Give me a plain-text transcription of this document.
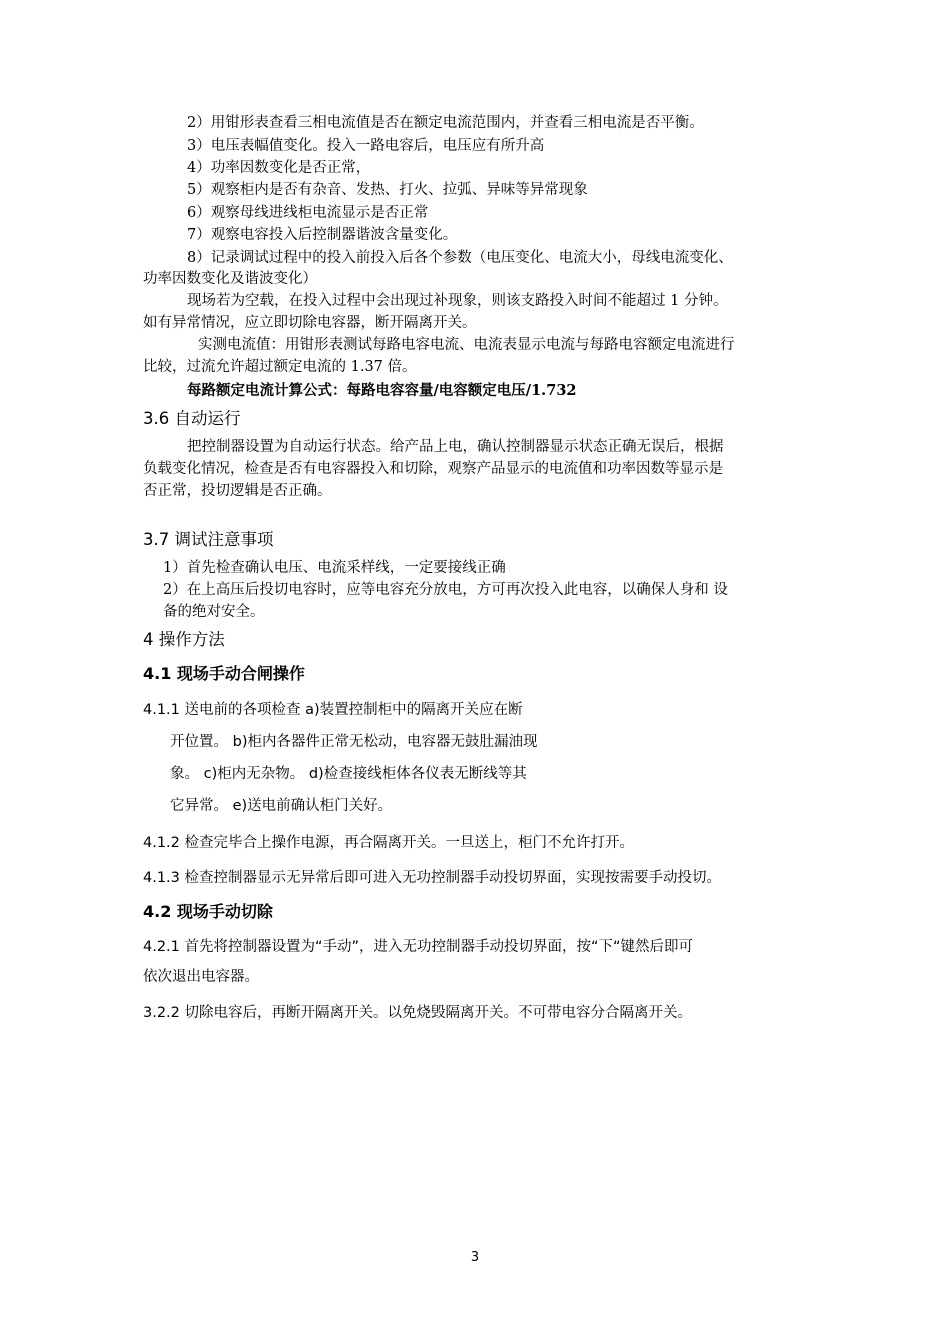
2）用钳形表查看三相电流值是否在额定电流范围内，并查看三相电流是否平衡。
3）电压表幅值变化。投入一路电容后，电压应有所升高
4）功率因数变化是否正常，
5）观察柜内是否有杂音、发热、打火、拉弧、异味等异常现象
6）观察母线进线柜电流显示是否正常
7）观察电容投入后控制器谐波含量变化。
8）记录调试过程中的投入前投入后各个参数（电压变化、电流大小，母线电流变化、
功率因数变化及谐波变化）
现场若为空载，在投入过程中会出现过补现象，则该支路投入时间不能超过 1 分钟。
如有异常情况，应立即切除电容器，断开隔离开关。
实测电流值：用钳形表测试每路电容电流、电流表显示电流与每路电容额定电流进行
比较，过流允许超过额定电流的 1.37 倍。
每路额定电流计算公式：每路电容容量/电容额定电压/1.732
3.6 自动运行
把控制器设置为自动运行状态。给产品上电，确认控制器显示状态正确无误后，根据
负载变化情况，检查是否有电容器投入和切除，观察产品显示的电流值和功率因数等显示是
否正常，投切逻辑是否正确。
3.7 调试注意事项
1）首先检查确认电压、电流采样线，一定要接线正确
2）在上高压后投切电容时，应等电容充分放电，方可再次投入此电容，以确保人身和 设
备的绝对安全。
4 操作方法
4.1 现场手动合闸操作
4.1.1 送电前的各项检查 a)装置控制柜中的隔离开关应在断
开位置。 b)柜内各器件正常无松动，电容器无鼓肚漏油现
象。 c)柜内无杂物。 d)检查接线柜体各仪表无断线等其
它异常。 e)送电前确认柜门关好。
4.1.2 检查完毕合上操作电源，再合隔离开关。一旦送上，柜门不允许打开。
4.1.3 检查控制器显示无异常后即可进入无功控制器手动投切界面，实现按需要手动投切。
4.2 现场手动切除
4.2.1 首先将控制器设置为“手动”，进入无功控制器手动投切界面，按“下“键然后即可
依次退出电容器。
3.2.2 切除电容后，再断开隔离开关。以免烧毁隔离开关。不可带电容分合隔离开关。
3
